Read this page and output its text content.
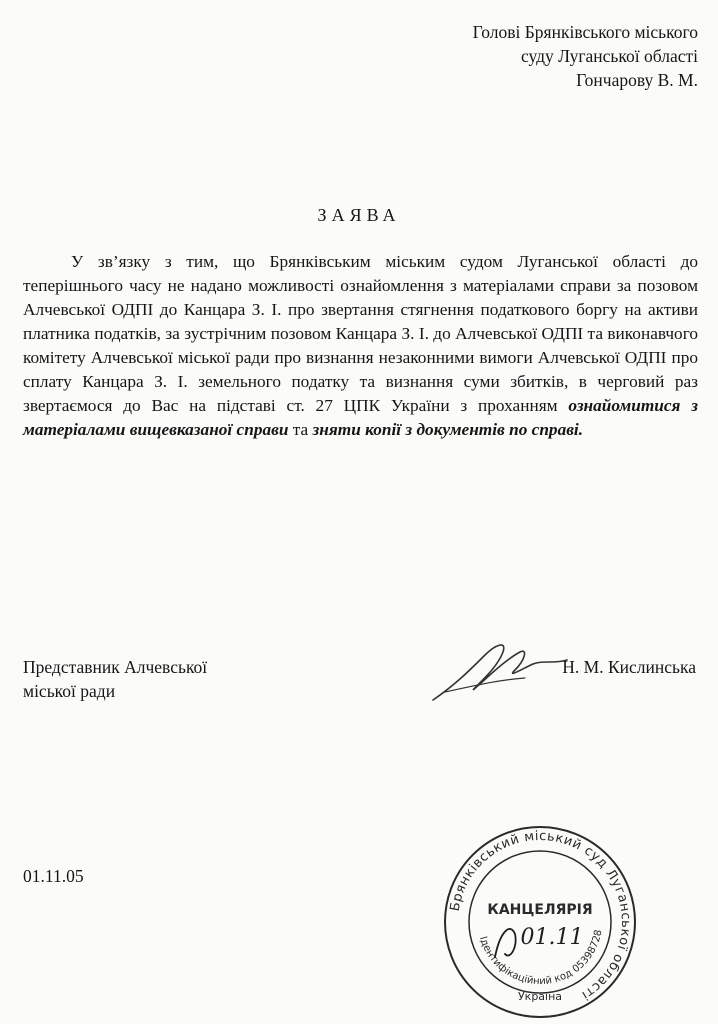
Голові Брянківського міського
суду Луганської області
Гончарову В. М.
ЗАЯВА
У зв’язку з тим, що Брянківським міським судом Луганської області до теперішнього часу не надано можливості ознайомлення з матеріалами справи за позовом Алчевської ОДПІ до Канцара З. І. про звертання стягнення податкового боргу на активи платника податків, за зустрічним позовом Канцара З. І. до Алчевської ОДПІ та виконавчого комітету Алчевської міської ради про визнання незаконними вимоги Алчевської ОДПІ про сплату Канцара З. І. земельного податку та визнання суми збитків, в черговий раз звертаємося до Вас на підставі ст. 27 ЦПК України з проханням ознайомитися з матеріалами вищевказаної справи та зняти копії з документів по справі.
Представник Алчевської
міської ради
Н. М. Кислинська
01.11.05
Брянківський міський суд Луганської області
Ідентифікаційний код 05398728
Україна
КАНЦЕЛЯРІЯ
01.11
